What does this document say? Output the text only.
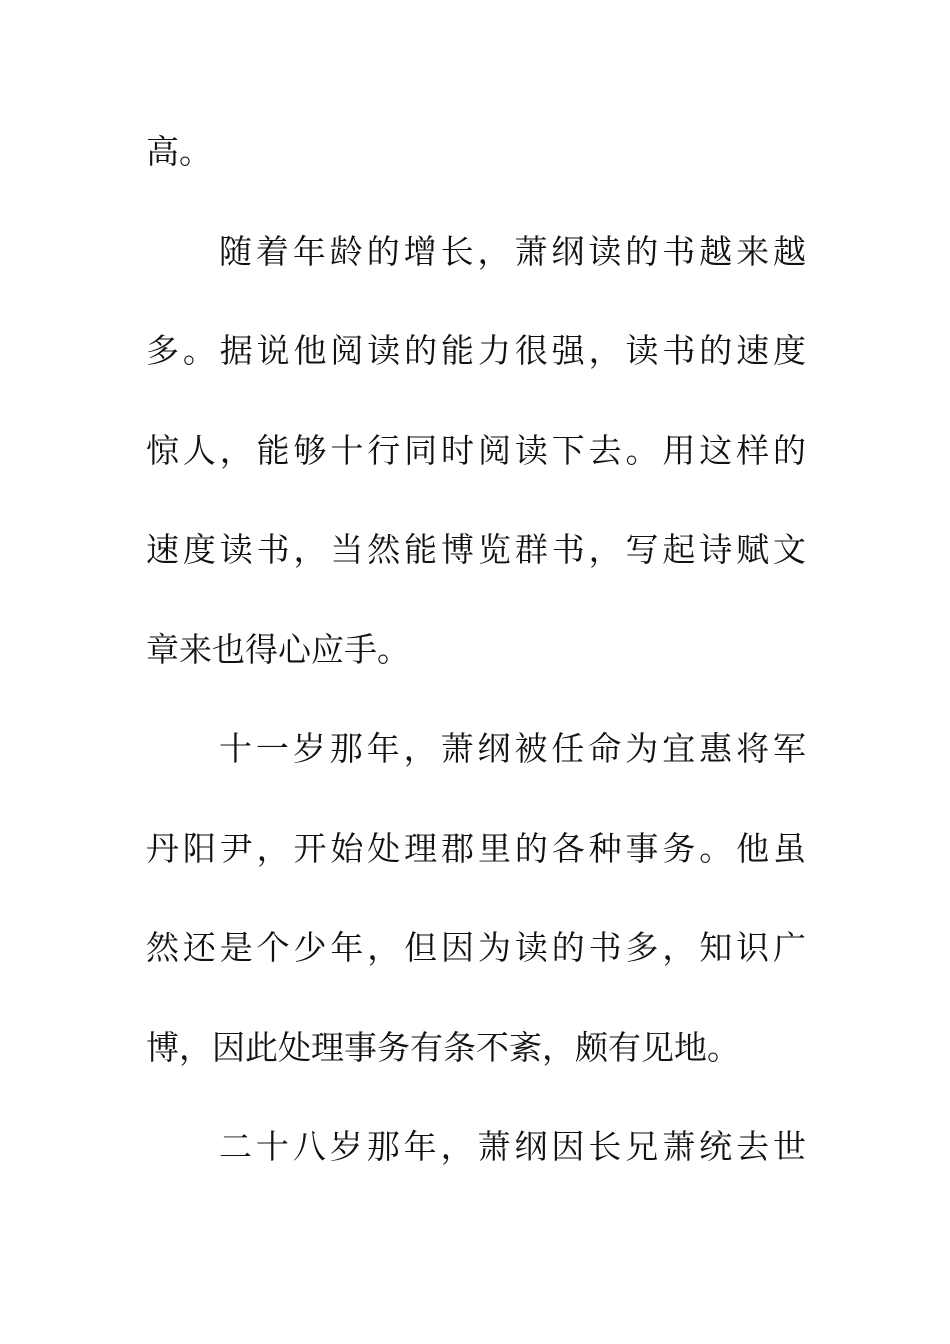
高。
随着年龄的增长，萧纲读的书越来越
多。据说他阅读的能力很强，读书的速度
惊人，能够十行同时阅读下去。用这样的
速度读书，当然能博览群书，写起诗赋文
章来也得心应手。
十一岁那年，萧纲被任命为宜惠将军
丹阳尹，开始处理郡里的各种事务。他虽
然还是个少年，但因为读的书多，知识广
博，因此处理事务有条不紊，颇有见地。
二十八岁那年，萧纲因长兄萧统去世
